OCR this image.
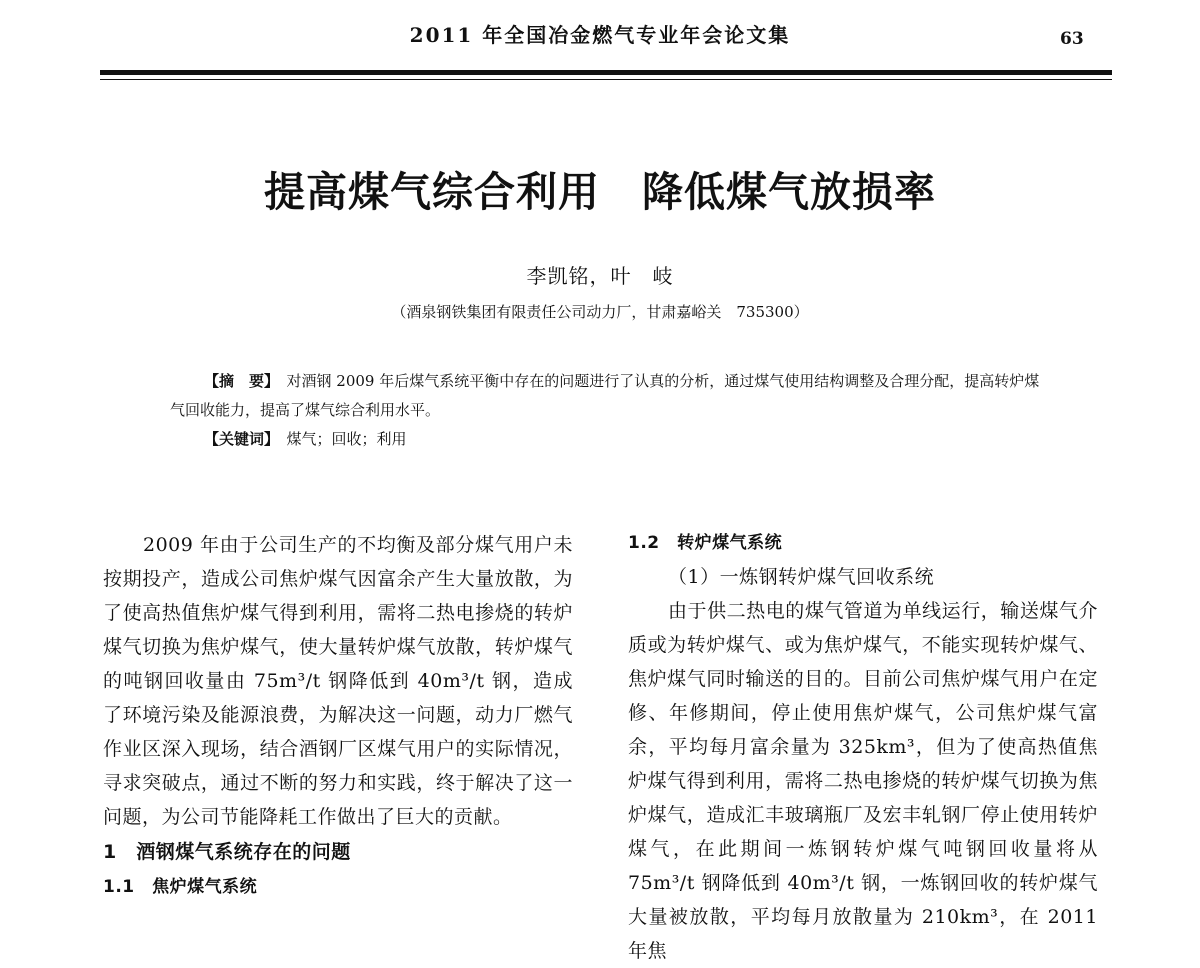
2011 年全国冶金燃气专业年会论文集	63
提高煤气综合利用　降低煤气放损率
李凯铭，叶　岐
（酒泉钢铁集团有限责任公司动力厂，甘肃嘉峪关　735300）

【摘　要】　 对酒钢 2009 年后煤气系统平衡中存在的问题进行了认真的分析，通过煤气使用结构调整及合理分配，提高转炉煤气回收能力，提高了煤气综合利用水平。

【关键词】　 煤气；回收；利用

2009 年由于公司生产的不均衡及部分煤气用户未按期投产，造成公司焦炉煤气因富余产生大量放散，为了使高热值焦炉煤气得到利用，需将二热电掺烧的转炉煤气切换为焦炉煤气，使大量转炉煤气放散，转炉煤气的吨钢回收量由 75m³/t 钢降低到 40m³/t 钢，造成了环境污染及能源浪费，为解决这一问题，动力厂燃气作业区深入现场，结合酒钢厂区煤气用户的实际情况，寻求突破点，通过不断的努力和实践，终于解决了这一问题，为公司节能降耗工作做出了巨大的贡献。

1　酒钢煤气系统存在的问题

1.1　焦炉煤气系统

1.2　转炉煤气系统

（1）一炼钢转炉煤气回收系统

由于供二热电的煤气管道为单线运行，输送煤气介质或为转炉煤气、或为焦炉煤气，不能实现转炉煤气、焦炉煤气同时输送的目的。目前公司焦炉煤气用户在定修、年修期间，停止使用焦炉煤气，公司焦炉煤气富余，平均每月富余量为 325km³，但为了使高热值焦炉煤气得到利用，需将二热电掺烧的转炉煤气切换为焦炉煤气，造成汇丰玻璃瓶厂及宏丰轧钢厂停止使用转炉煤气，在此期间一炼钢转炉煤气吨钢回收量将从 75m³/t 钢降低到 40m³/t 钢，一炼钢回收的转炉煤气大量被放散，平均每月放散量为 210km³，在 2011 年焦
